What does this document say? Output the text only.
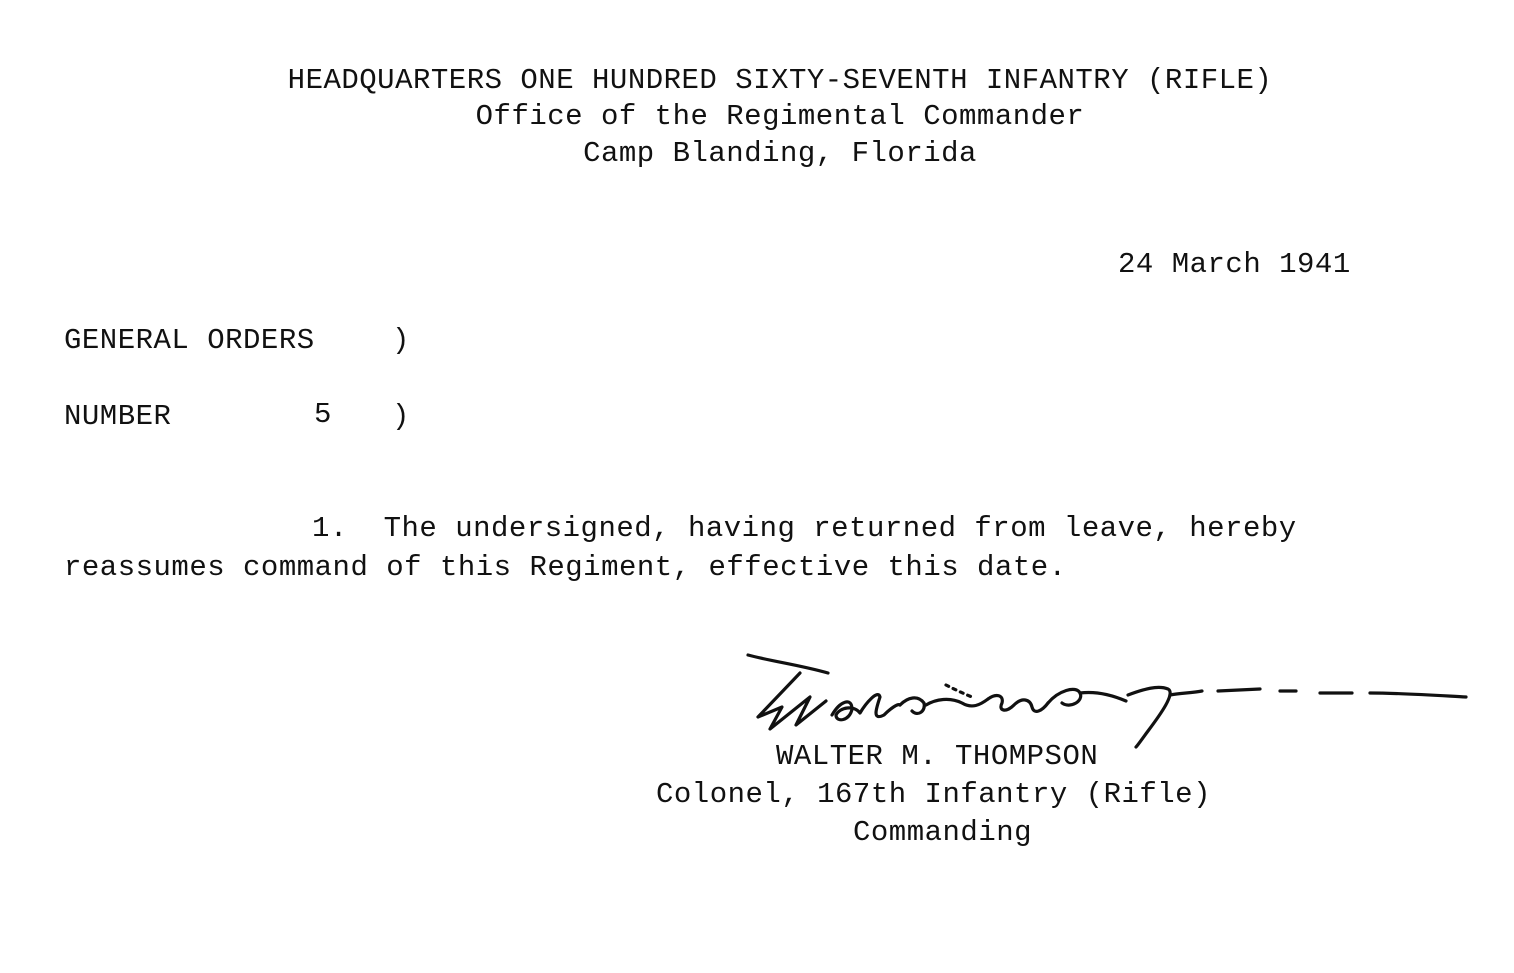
HEADQUARTERS ONE HUNDRED SIXTY-SEVENTH INFANTRY (RIFLE)
Office of the Regimental Commander
Camp Blanding, Florida
24 March 1941
GENERAL ORDERS	)
NUMBER	5 )
1.  The undersigned, having returned from leave, hereby
reassumes command of this Regiment, effective this date.
WALTER M. THOMPSON
Colonel, 167th Infantry (Rifle)
Commanding
